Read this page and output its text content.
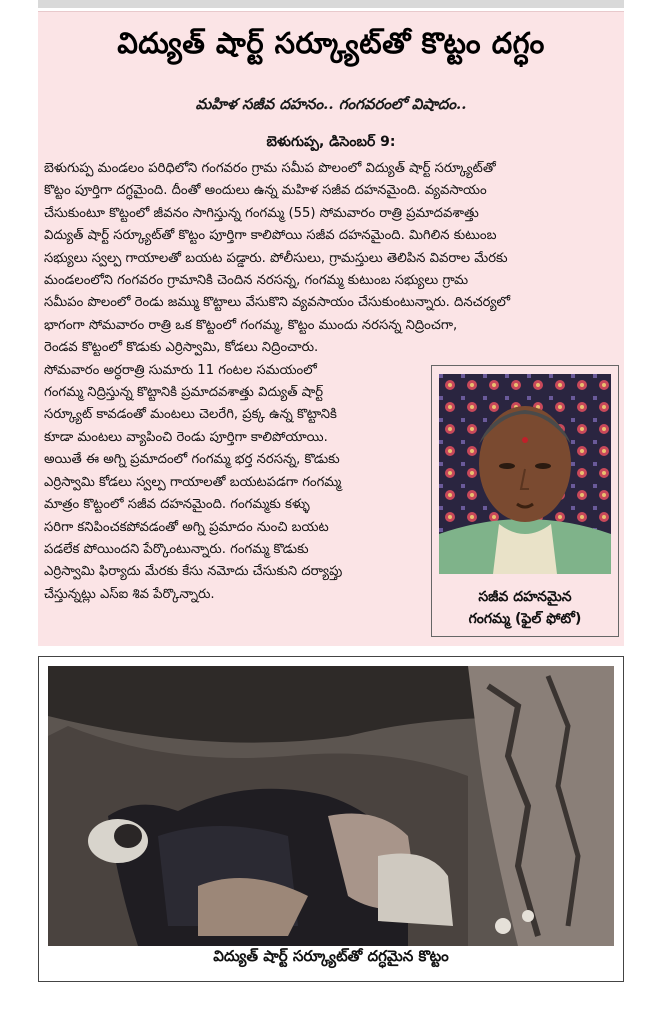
విద్యుత్ షార్ట్ సర్క్యూట్‌తో కొట్టం దగ్ధం
మహిళ సజీవ దహనం.. గంగవరంలో విషాదం..
బెళుగుప్ప, డిసెంబర్ 9:
బెళుగుప్ప మండలం పరిధిలోని గంగవరం గ్రామ సమీప పొలంలో విద్యుత్ షార్ట్ సర్క్యూట్‌తో
కొట్టం పూర్తిగా దగ్ధమైంది. దీంతో అందులు ఉన్న మహిళ సజీవ దహనమైంది. వ్యవసాయం
చేసుకుంటూ కొట్టంలో జీవనం సాగిస్తున్న గంగమ్మ (55) సోమవారం రాత్రి ప్రమాదవశాత్తు
విద్యుత్ షార్ట్ సర్క్యూట్‌తో కొట్టం పూర్తిగా కాలిపోయి సజీవ దహనమైంది. మిగిలిన కుటుంబ
సభ్యులు స్వల్ప గాయాలతో బయట పడ్డారు. పోలీసులు, గ్రామస్తులు తెలిపిన వివరాల మేరకు
మండలంలోని గంగవరం గ్రామానికి చెందిన నరసన్న, గంగమ్మ కుటుంబ సభ్యులు గ్రామ
సమీపం పొలంలో రెండు జమ్ము కొట్టాలు వేసుకొని వ్యవసాయం చేసుకుంటున్నారు. దినచర్యలో
భాగంగా సోమవారం రాత్రి ఒక కొట్టంలో గంగమ్మ, కొట్టం ముందు నరసన్న నిద్రించగా,
రెండవ కొట్టంలో కొడుకు ఎర్రిస్వామి, కోడలు నిద్రించారు.
సోమవారం అర్ధరాత్రి సుమారు 11 గంటల సమయంలో
గంగమ్మ నిద్రిస్తున్న కొట్టానికి ప్రమాదవశాత్తు విద్యుత్ షార్ట్
సర్క్యూట్ కావడంతో మంటలు చెలరేగి, ప్రక్క ఉన్న కొట్టానికి
కూడా మంటలు వ్యాపించి రెండు పూర్తిగా కాలిపోయాయి.
అయితే ఈ అగ్ని ప్రమాదంలో గంగమ్మ భర్త నరసన్న, కొడుకు
ఎర్రిస్వామి కోడలు స్వల్ప గాయాలతో బయటపడగా గంగమ్మ
మాత్రం కొట్టంలో సజీవ దహనమైంది. గంగమ్మకు కళ్ళు
సరిగా కనిపించకపోవడంతో అగ్ని ప్రమాదం నుంచి బయట
పడలేక పోయిందని పేర్కొంటున్నారు. గంగమ్మ కొడుకు
ఎర్రిస్వామి ఫిర్యాదు మేరకు కేసు నమోదు చేసుకుని దర్యాప్తు
చేస్తున్నట్లు ఎస్ఐ శివ పేర్కొన్నారు.	సజీవ దహనమైన
గంగమ్మ (ఫైల్ ఫోటో)
విద్యుత్ షార్ట్ సర్క్యూట్‌తో దగ్ధమైన కొట్టం
